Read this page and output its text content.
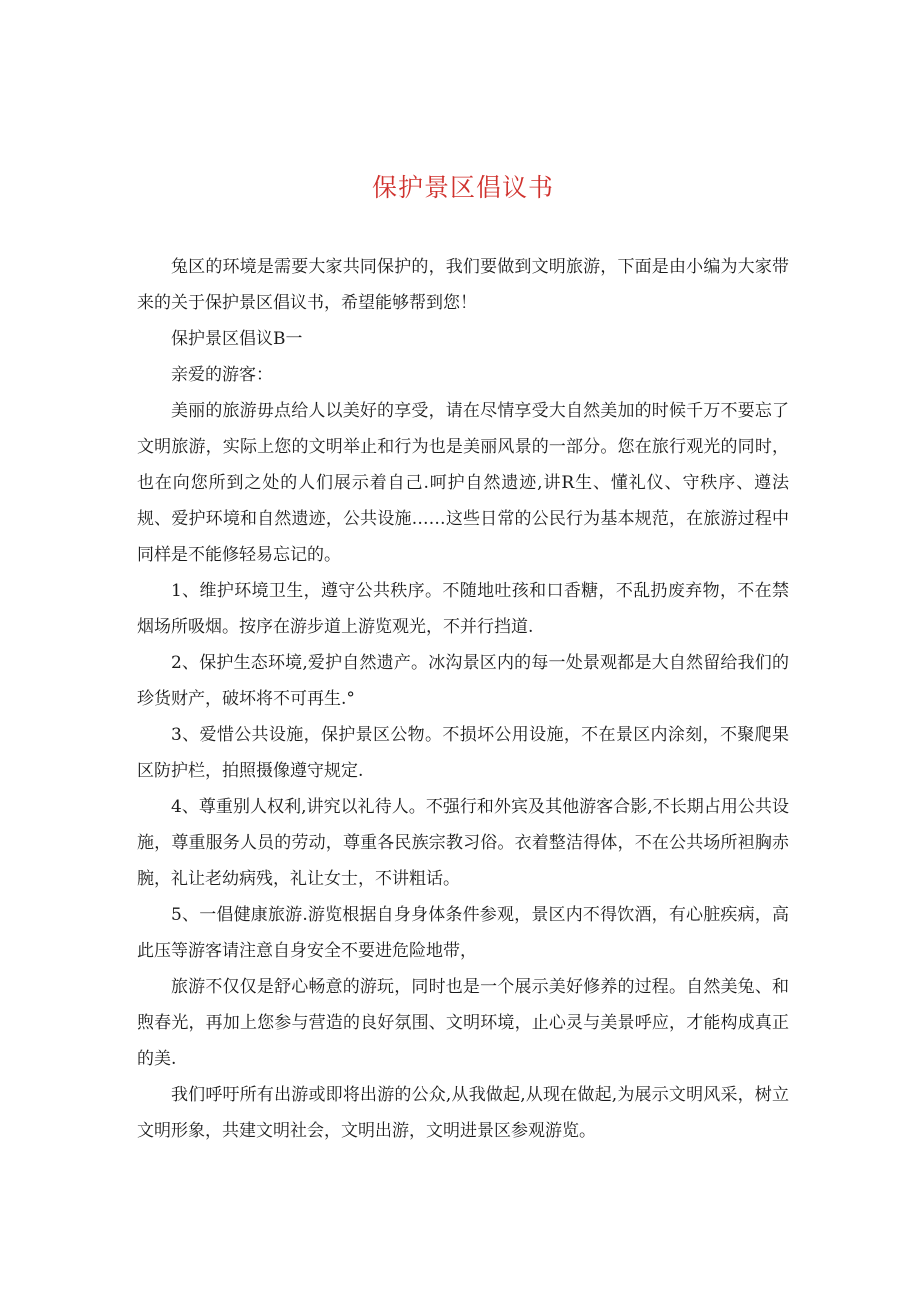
保护景区倡议书

兔区的环境是需要大家共同保护的，我们要做到文明旅游，下面是由小编为大家带来的关于保护景区倡议书，希望能够帮到您！

保护景区倡议B一

亲爱的游客：

美丽的旅游毋点给人以美好的享受，请在尽情享受大自然美加的时候千万不要忘了文明旅游，实际上您的文明举止和行为也是美丽风景的一部分。您在旅行观光的同时，也在向您所到之处的人们展示着自己.呵护自然遗迹,讲R生、懂礼仪、守秩序、遵法规、爱护环境和自然遗迹，公共设施……这些日常的公民行为基本规范，在旅游过程中同样是不能修轻易忘记的。

1、维护环境卫生，遵守公共秩序。不随地吐孩和口香糖，不乱扔废弃物，不在禁烟场所吸烟。按序在游步道上游览观光，不并行挡道.

2、保护生态环境,爱护自然遗产。冰沟景区内的每一处景观都是大自然留给我们的珍货财产，破坏将不可再生.°

3、爱惜公共设施，保护景区公物。不损坏公用设施，不在景区内涂刻，不聚爬果区防护栏，拍照摄像遵守规定.

4、尊重别人权利,讲究以礼待人。不强行和外宾及其他游客合影,不长期占用公共设施，尊重服务人员的劳动，尊重各民族宗教习俗。衣着整洁得体，不在公共场所袒胸赤腕，礼让老幼病残，礼让女士，不讲粗话。

5、一倡健康旅游.游览根据自身身体条件参观，景区内不得饮酒，有心脏疾病，高此压等游客请注意自身安全不要进危险地带，

旅游不仅仅是舒心畅意的游玩，同时也是一个展示美好修养的过程。自然美兔、和煦春光，再加上您参与营造的良好氛围、文明环境，止心灵与美景呼应，才能构成真正的美.

我们呼吁所有出游或即将出游的公众,从我做起,从现在做起,为展示文明风采，树立文明形象，共建文明社会，文明出游，文明进景区参观游览。
